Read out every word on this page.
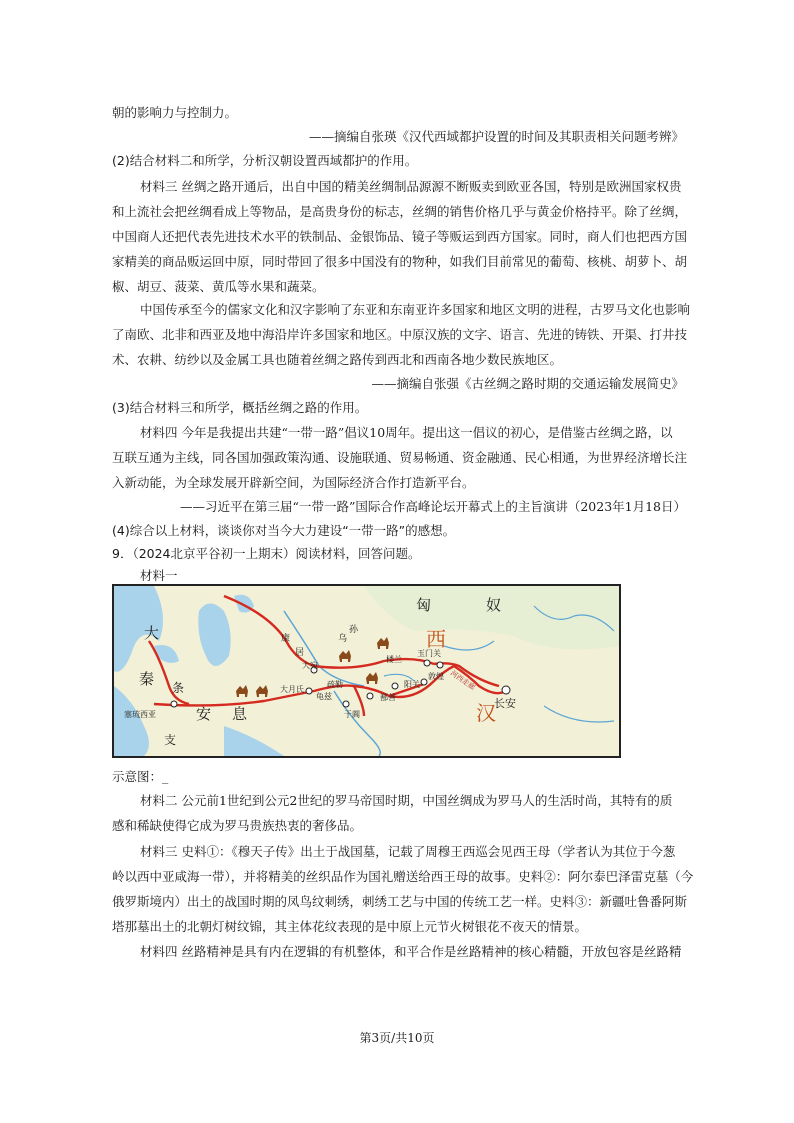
朝的影响力与控制力。
——摘编自张瑛《汉代西域都护设置的时间及其职责相关问题考辨》
(2)结合材料二和所学，分析汉朝设置西域都护的作用。
材料三 丝绸之路开通后，出自中国的精美丝绸制品源源不断贩卖到欧亚各国，特别是欧洲国家权贵
和上流社会把丝绸看成上等物品，是高贵身份的标志，丝绸的销售价格几乎与黄金价格持平。除了丝绸，
中国商人还把代表先进技术水平的铁制品、金银饰品、镜子等贩运到西方国家。同时，商人们也把西方国
家精美的商品贩运回中原，同时带回了很多中国没有的物种，如我们目前常见的葡萄、核桃、胡萝卜、胡
椒、胡豆、菠菜、黄瓜等水果和蔬菜。
中国传承至今的儒家文化和汉字影响了东亚和东南亚许多国家和地区文明的进程，古罗马文化也影响
了南欧、北非和西亚及地中海沿岸许多国家和地区。中原汉族的文字、语言、先进的铸铁、开渠、打井技
术、农耕、纺纱以及金属工具也随着丝绸之路传到西北和西南各地少数民族地区。
——摘编自张强《古丝绸之路时期的交通运输发展简史》
(3)结合材料三和所学，概括丝绸之路的作用。
材料四 今年是我提出共建“一带一路”倡议10周年。提出这一倡议的初心，是借鉴古丝绸之路，以
互联互通为主线，同各国加强政策沟通、设施联通、贸易畅通、资金融通、民心相通，为世界经济增长注
入新动能，为全球发展开辟新空间，为国际经济合作打造新平台。
——习近平在第三届“一带一路”国际合作高峰论坛开幕式上的主旨演讲（2023年1月18日）
(4)综合以上材料，谈谈你对当今大力建设“一带一路”的感想。
9．（2024北京平谷初一上期末）阅读材料，回答问题。
材料一
匈	奴
康
居
乌
孙
大宛
疏勒
大月氏
龟兹
于阗
鄯善
楼兰
玉门关
敦煌
阳关	河西走廊
长安
西
汉
大
秦 条
支
安 息
塞琉西亚
示意图：_
材料二 公元前1世纪到公元2世纪的罗马帝国时期，中国丝绸成为罗马人的生活时尚，其特有的质
感和稀缺使得它成为罗马贵族热衷的奢侈品。
材料三 史料①：《穆天子传》出土于战国墓，记载了周穆王西巡会见西王母（学者认为其位于今葱
岭以西中亚咸海一带），并将精美的丝织品作为国礼赠送给西王母的故事。史料②：阿尔泰巴泽雷克墓（今
俄罗斯境内）出土的战国时期的凤鸟纹刺绣，刺绣工艺与中国的传统工艺一样。史料③：新疆吐鲁番阿斯
塔那墓出土的北朝灯树纹锦，其主体花纹表现的是中原上元节火树银花不夜天的情景。
材料四 丝路精神是具有内在逻辑的有机整体，和平合作是丝路精神的核心精髓，开放包容是丝路精
第3页/共10页
